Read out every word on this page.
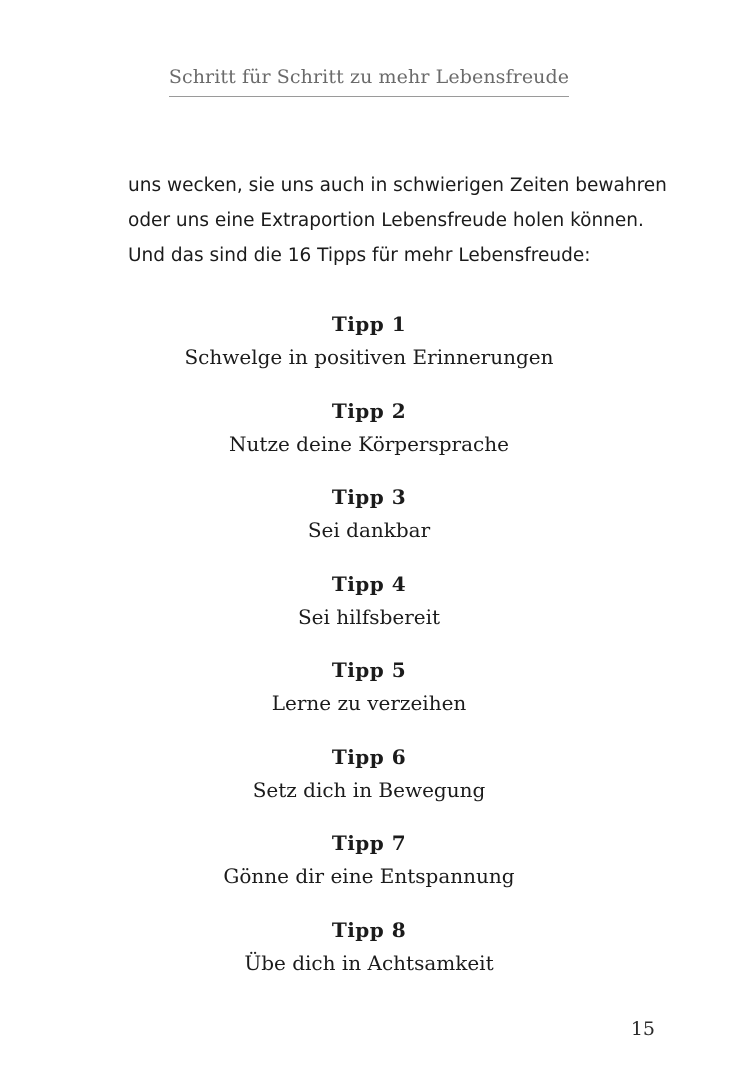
Schritt für Schritt zu mehr Lebensfreude

uns wecken, sie uns auch in schwierigen Zeiten bewahren

oder uns eine Extraportion Lebensfreude holen können.

Und das sind die 16 Tipps für mehr Lebensfreude:

Tipp 1
Schwelge in positiven Erinnerungen
Tipp 2
Nutze deine Körpersprache
Tipp 3
Sei dankbar
Tipp 4
Sei hilfsbereit
Tipp 5
Lerne zu verzeihen
Tipp 6
Setz dich in Bewegung
Tipp 7
Gönne dir eine Entspannung
Tipp 8
Übe dich in Achtsamkeit
15
